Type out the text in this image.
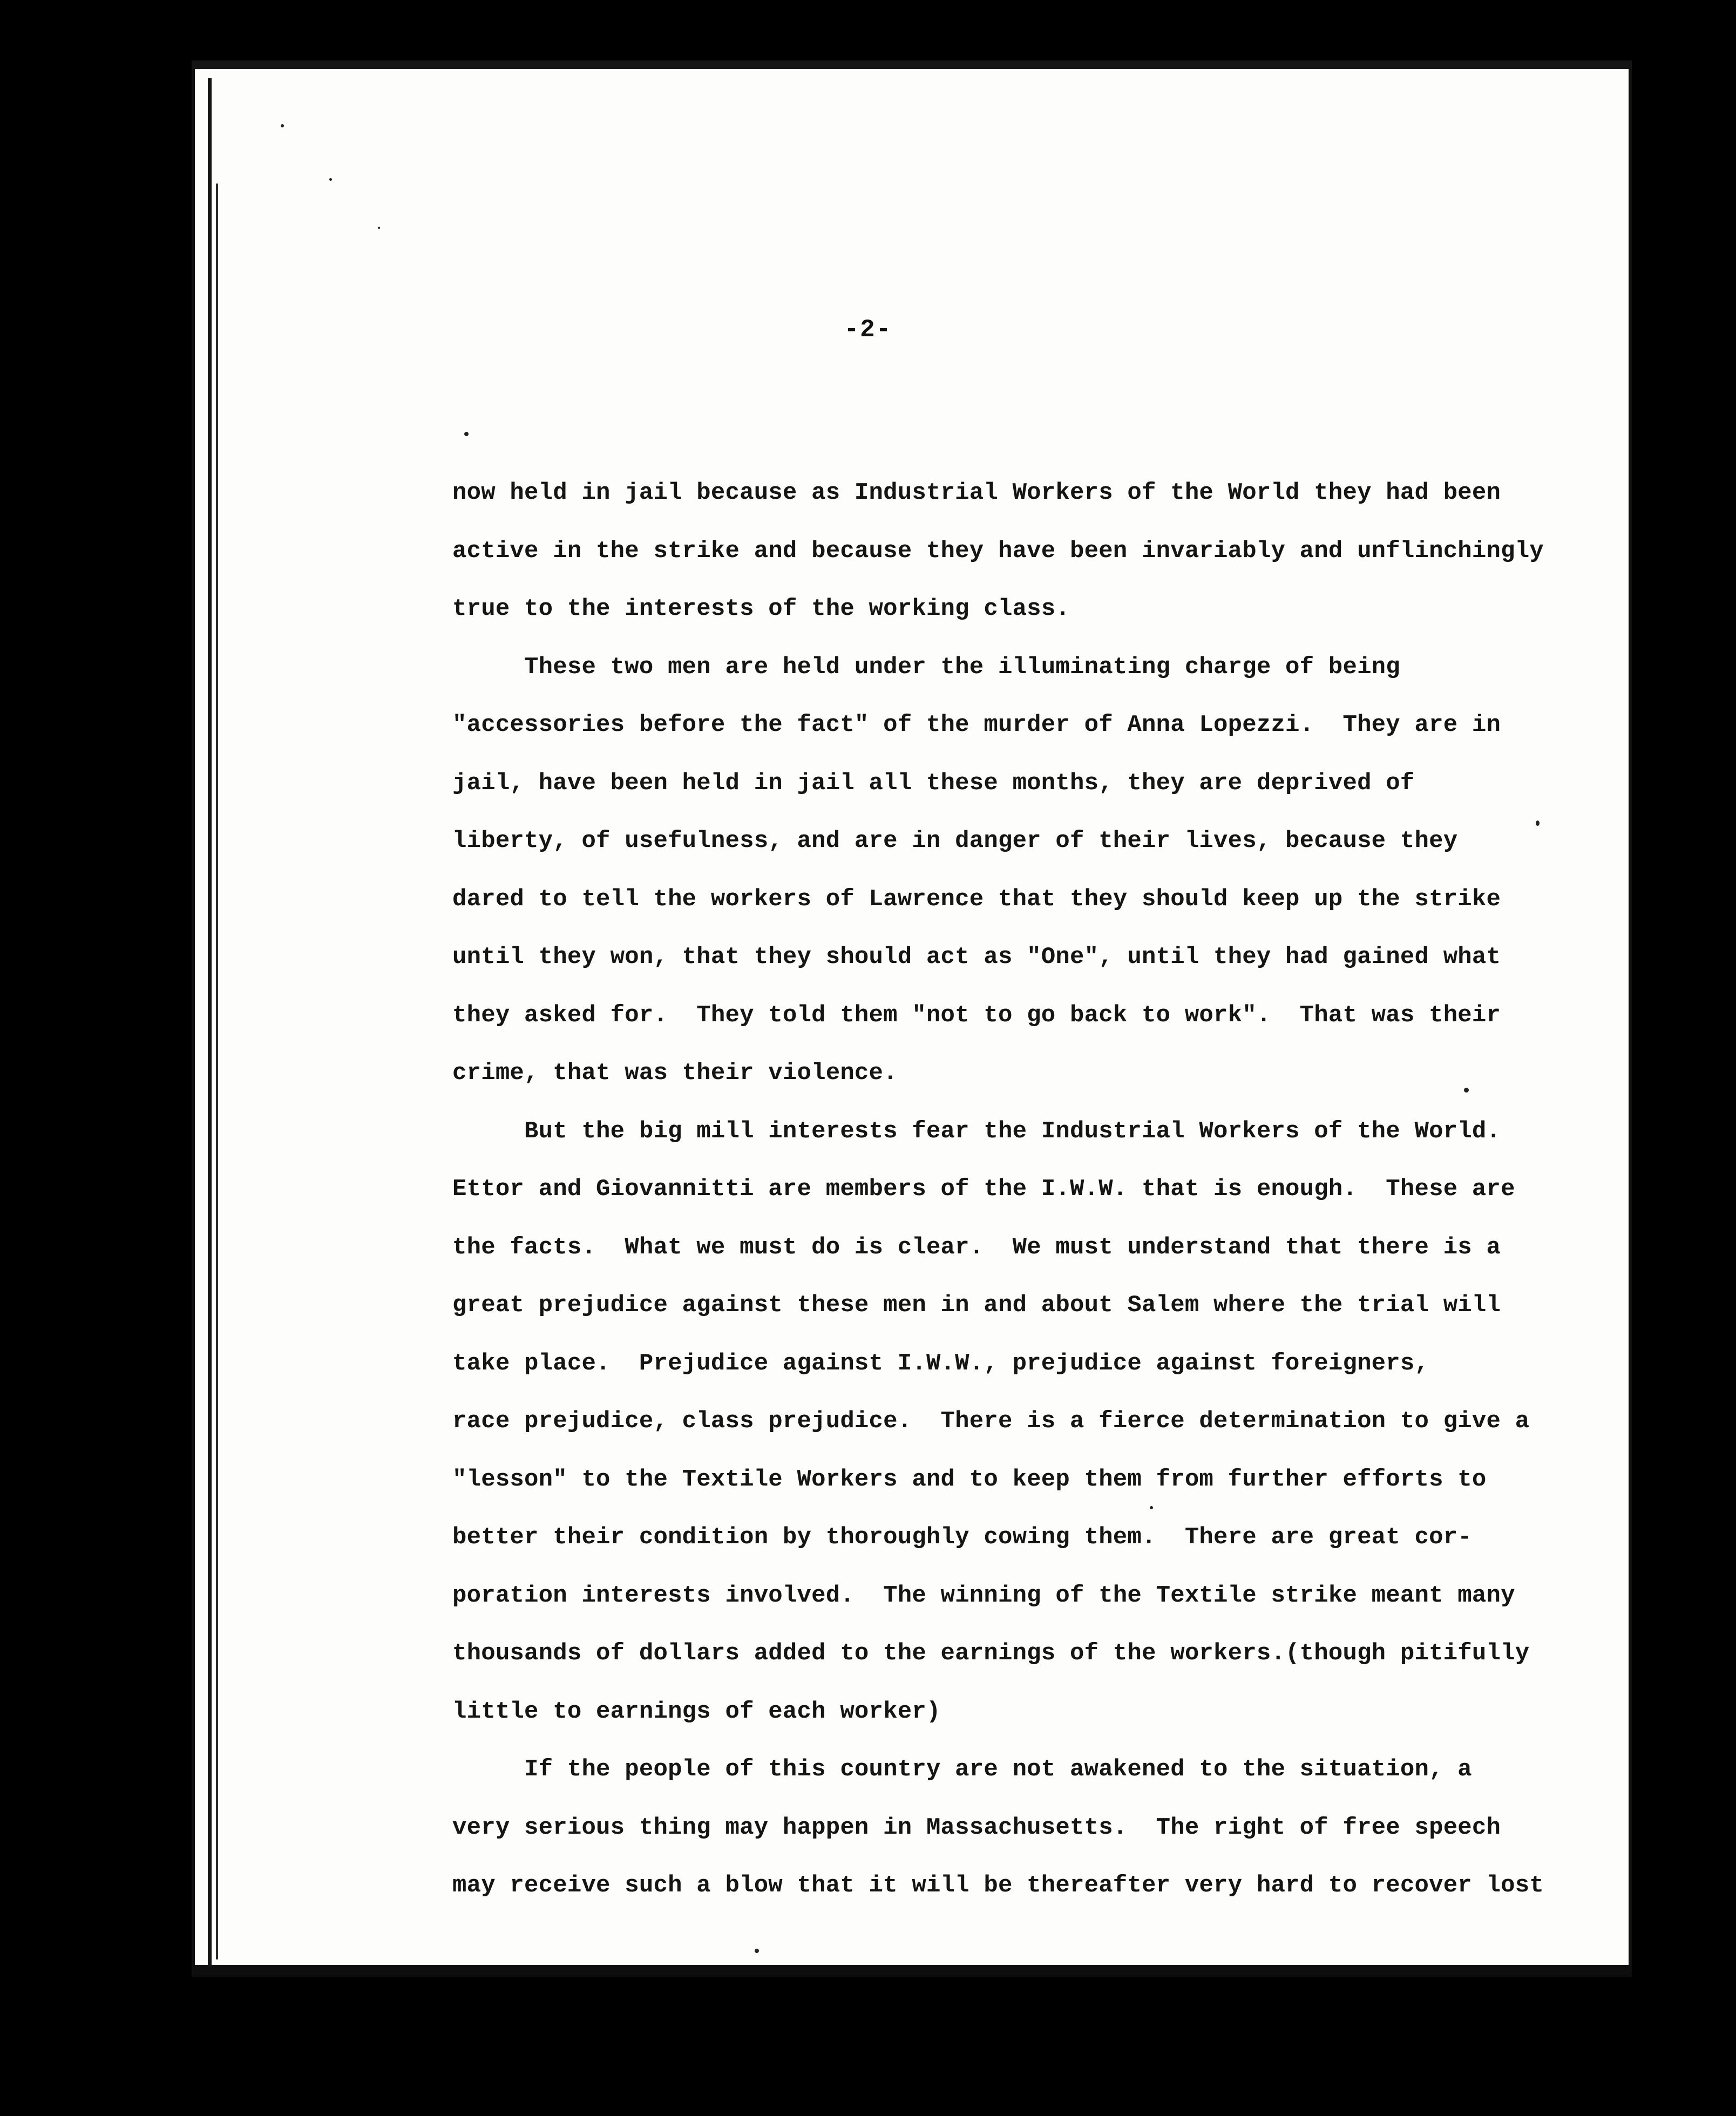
-2-
now held in jail because as Industrial Workers of the World they had been
active in the strike and because they have been invariably and unflinchingly
true to the interests of the working class.
These two men are held under the illuminating charge of being
"accessories before the fact" of the murder of Anna Lopezzi.  They are in
jail, have been held in jail all these months, they are deprived of
liberty, of usefulness, and are in danger of their lives, because they
dared to tell the workers of Lawrence that they should keep up the strike
until they won, that they should act as "One", until they had gained what
they asked for.  They told them "not to go back to work".  That was their
crime, that was their violence.
But the big mill interests fear the Industrial Workers of the World.
Ettor and Giovannitti are members of the I.W.W. that is enough.  These are
the facts.  What we must do is clear.  We must understand that there is a
great prejudice against these men in and about Salem where the trial will
take place.  Prejudice against I.W.W., prejudice against foreigners,
race prejudice, class prejudice.  There is a fierce determination to give a
"lesson" to the Textile Workers and to keep them from further efforts to
better their condition by thoroughly cowing them.  There are great cor-
poration interests involved.  The winning of the Textile strike meant many
thousands of dollars added to the earnings of the workers.(though pitifully
little to earnings of each worker)
If the people of this country are not awakened to the situation, a
very serious thing may happen in Massachusetts.  The right of free speech
may receive such a blow that it will be thereafter very hard to recover lost
